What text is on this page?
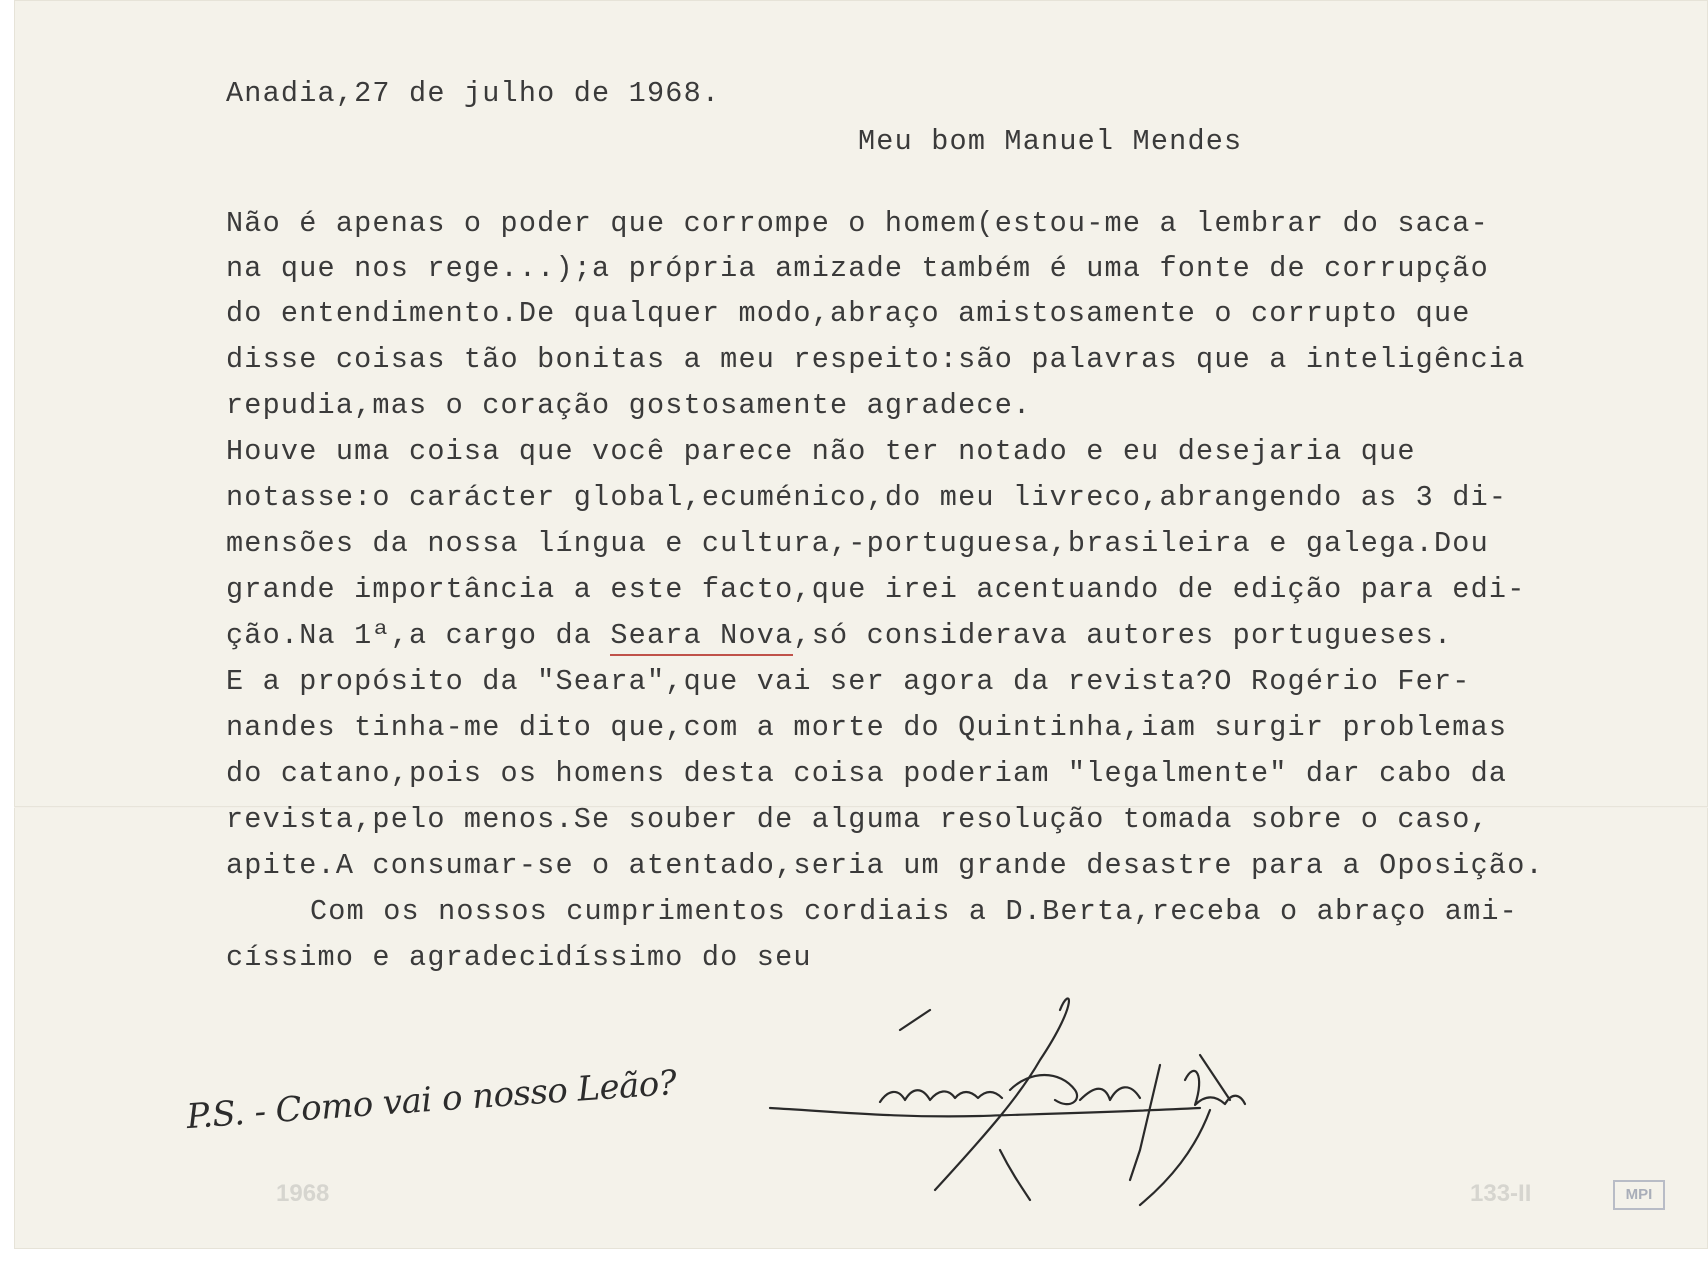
Anadia,27 de julho de 1968.

Meu bom Manuel Mendes

Não é apenas o poder que corrompe o homem(estou-me a lembrar do saca-

na que nos rege...);a própria amizade também é uma fonte de corrupção

do entendimento.De qualquer modo,abraço amistosamente o corrupto que

disse coisas tão bonitas a meu respeito:são palavras que a inteligência

repudia,mas o coração gostosamente agradece.

Houve uma coisa que você parece não ter notado e eu desejaria que

notasse:o carácter global,ecuménico,do meu livreco,abrangendo as 3 di-

mensões da nossa língua e cultura,-portuguesa,brasileira e galega.Dou

grande importância a este facto,que irei acentuando de edição para edi-

ção.Na 1ª,a cargo da Seara Nova,só considerava autores portugueses.

E a propósito da "Seara",que vai ser agora da revista?O Rogério Fer-

nandes tinha-me dito que,com a morte do Quintinha,iam surgir problemas

do catano,pois os homens desta coisa poderiam "legalmente" dar cabo da

revista,pelo menos.Se souber de alguma resolução tomada sobre o caso,

apite.A consumar-se o atentado,seria um grande desastre para a Oposição.

Com os nossos cumprimentos cordiais a D.Berta,receba o abraço ami-

císsimo e agradecidíssimo do seu

P.S. - Como vai o nosso Leão?
1968	133-II	MPI
